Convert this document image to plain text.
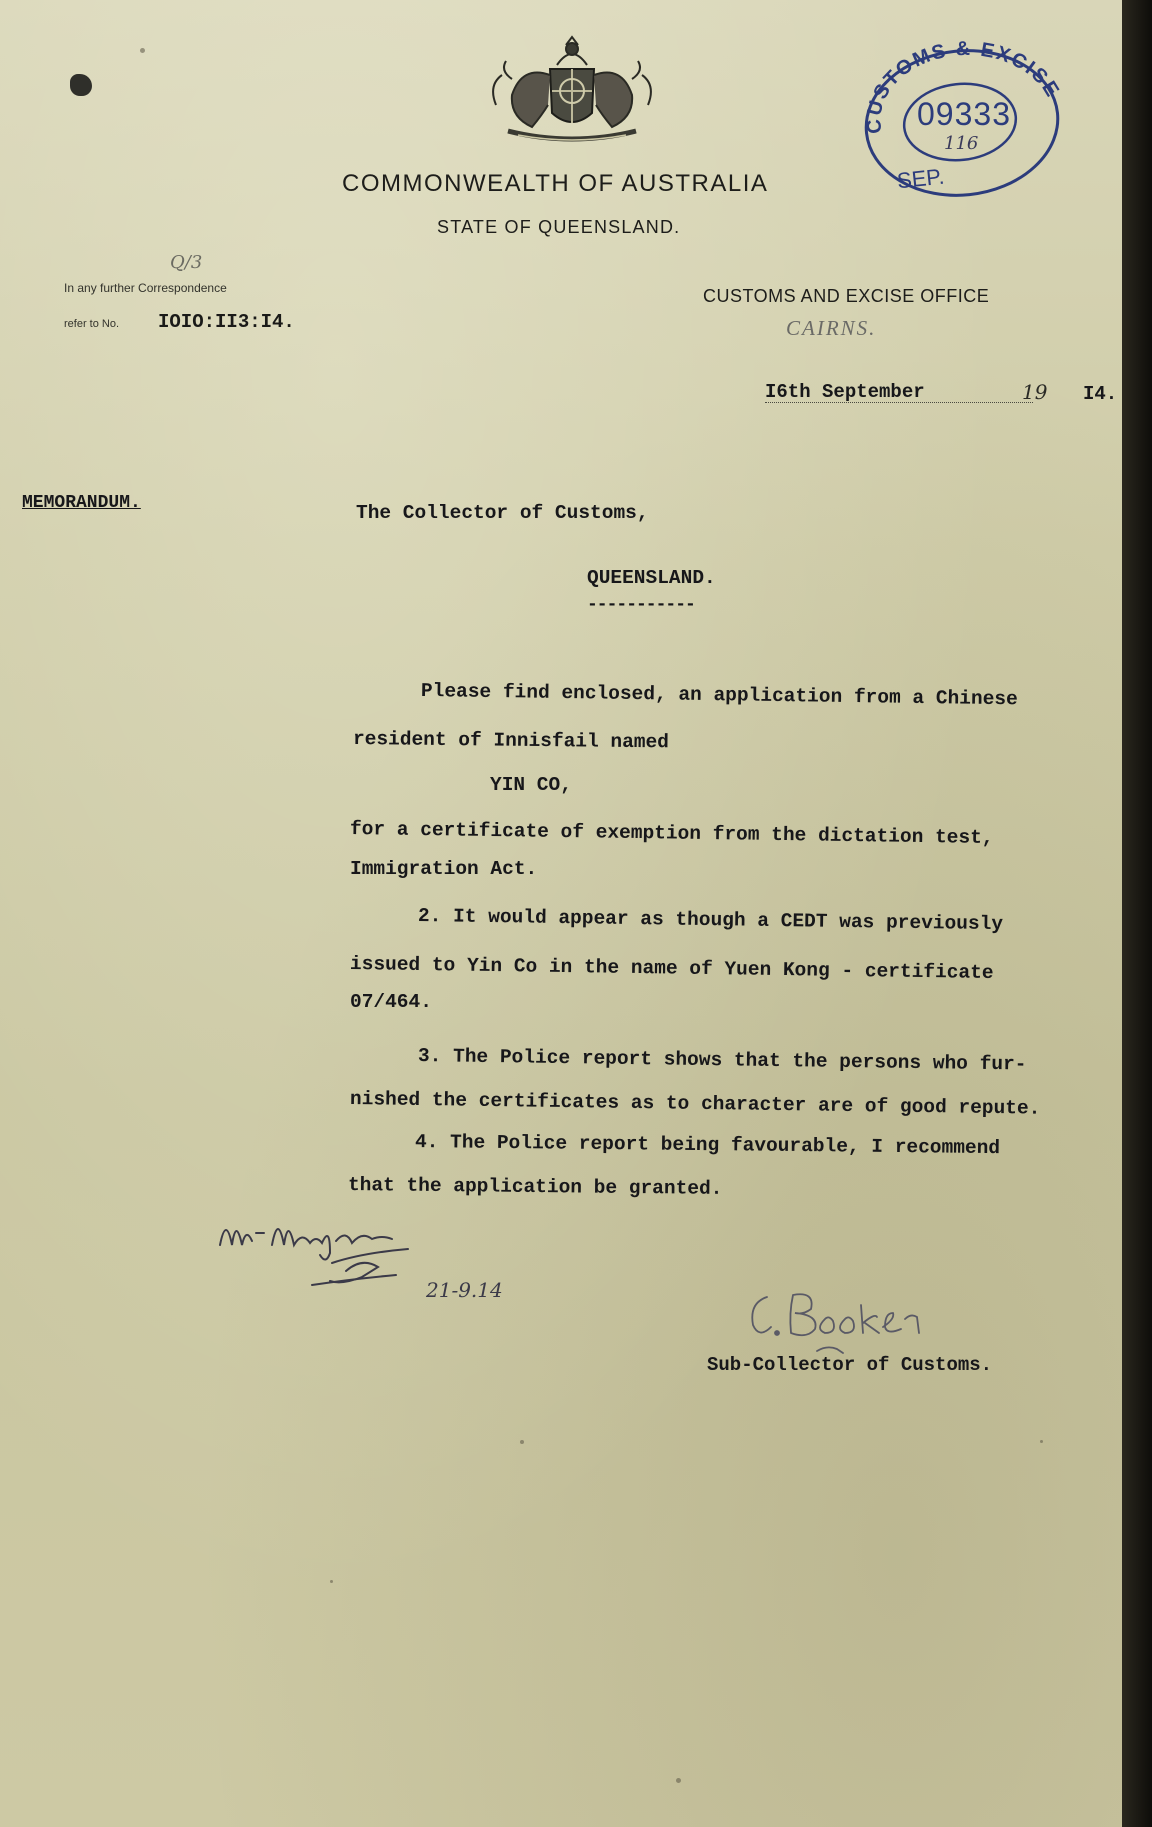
CUSTOMS & EXCISE
09333
116
SEP.
COMMONWEALTH OF AUSTRALIA
STATE OF QUEENSLAND.
Q/3
In any further Correspondence
refer to No. IOIO:II3:I4.
CUSTOMS AND EXCISE OFFICE
CAIRNS.
I6th September	19 I4.
MEMORANDUM.	The Collector of Customs,
QUEENSLAND.
-----------
Please find enclosed, an application from a Chinese
resident of Innisfail named
YIN CO,
for a certificate of exemption from the dictation test,
Immigration Act.
2. It would appear as though a CEDT was previously
issued to Yin Co in the name of Yuen Kong - certificate
07/464.
3. The Police report shows that the persons who fur-
nished the certificates as to character are of good repute.
4. The Police report being favourable, I recommend
that the application be granted.
21-9.14
Sub-Collector of Customs.
